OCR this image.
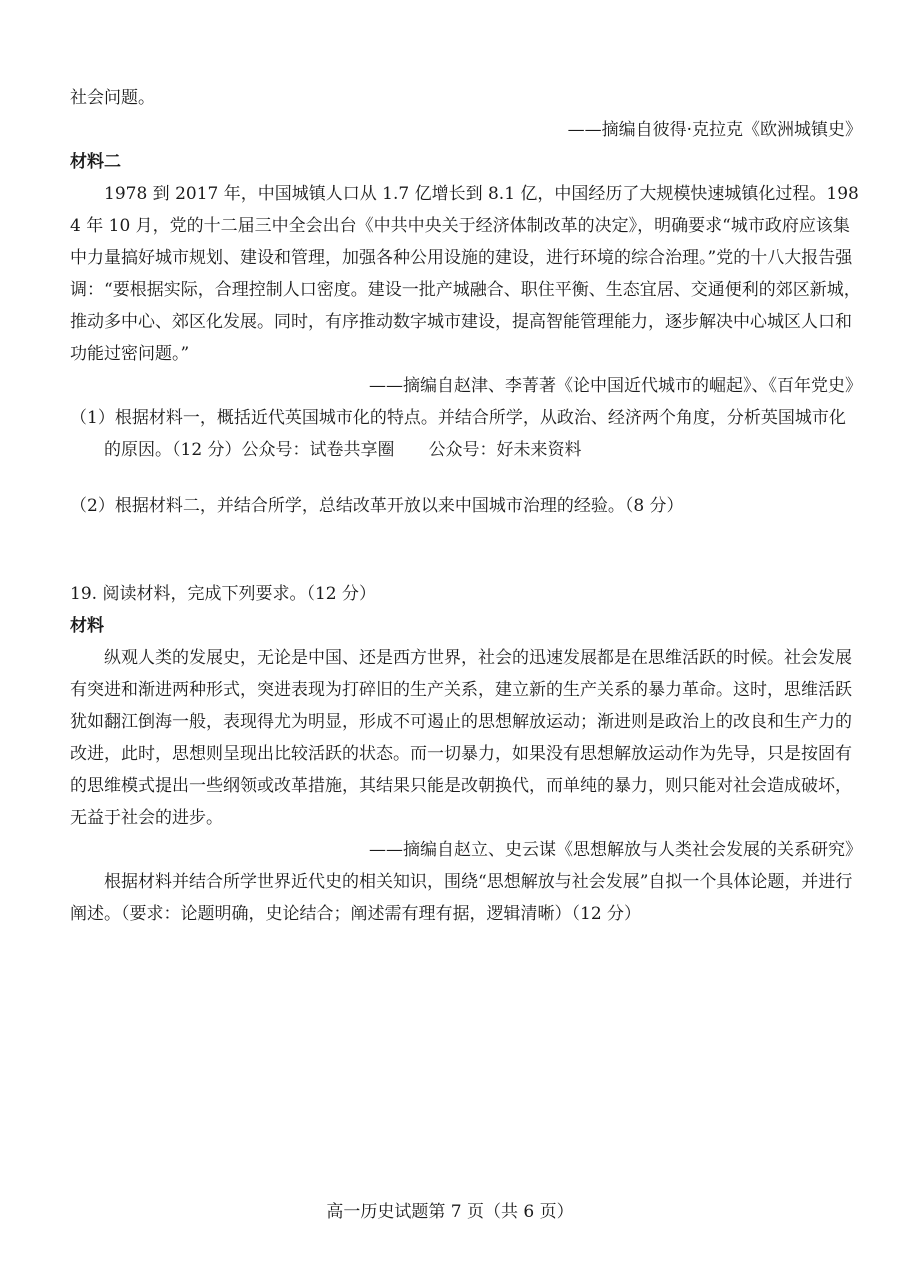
社会问题。
——摘编自彼得·克拉克《欧洲城镇史》
材料二
1978 到 2017 年，中国城镇人口从 1.7 亿增长到 8.1 亿，中国经历了大规模快速城镇化过程。1984 年 10 月，党的十二届三中全会出台《中共中央关于经济体制改革的决定》，明确要求“城市政府应该集中力量搞好城市规划、建设和管理，加强各种公用设施的建设，进行环境的综合治理。”党的十八大报告强调：“要根据实际，合理控制人口密度。建设一批产城融合、职住平衡、生态宜居、交通便利的郊区新城，推动多中心、郊区化发展。同时，有序推动数字城市建设，提高智能管理能力，逐步解决中心城区人口和功能过密问题。”
——摘编自赵津、李菁著《论中国近代城市的崛起》、《百年党史》
（1）根据材料一，概括近代英国城市化的特点。并结合所学，从政治、经济两个角度，分析英国城市化的原因。（12 分）公众号：试卷共享圈　　公众号：好未来资料
（2）根据材料二，并结合所学，总结改革开放以来中国城市治理的经验。（8 分）
19. 阅读材料，完成下列要求。（12 分）
材料
纵观人类的发展史，无论是中国、还是西方世界，社会的迅速发展都是在思维活跃的时候。社会发展有突进和渐进两种形式，突进表现为打碎旧的生产关系，建立新的生产关系的暴力革命。这时，思维活跃犹如翻江倒海一般，表现得尤为明显，形成不可遏止的思想解放运动；渐进则是政治上的改良和生产力的改进，此时，思想则呈现出比较活跃的状态。而一切暴力，如果没有思想解放运动作为先导，只是按固有的思维模式提出一些纲领或改革措施，其结果只能是改朝换代，而单纯的暴力，则只能对社会造成破坏，无益于社会的进步。
——摘编自赵立、史云谋《思想解放与人类社会发展的关系研究》
根据材料并结合所学世界近代史的相关知识，围绕“思想解放与社会发展”自拟一个具体论题，并进行阐述。（要求：论题明确，史论结合；阐述需有理有据，逻辑清晰）（12 分）
高一历史试题第 7 页（共 6 页）
